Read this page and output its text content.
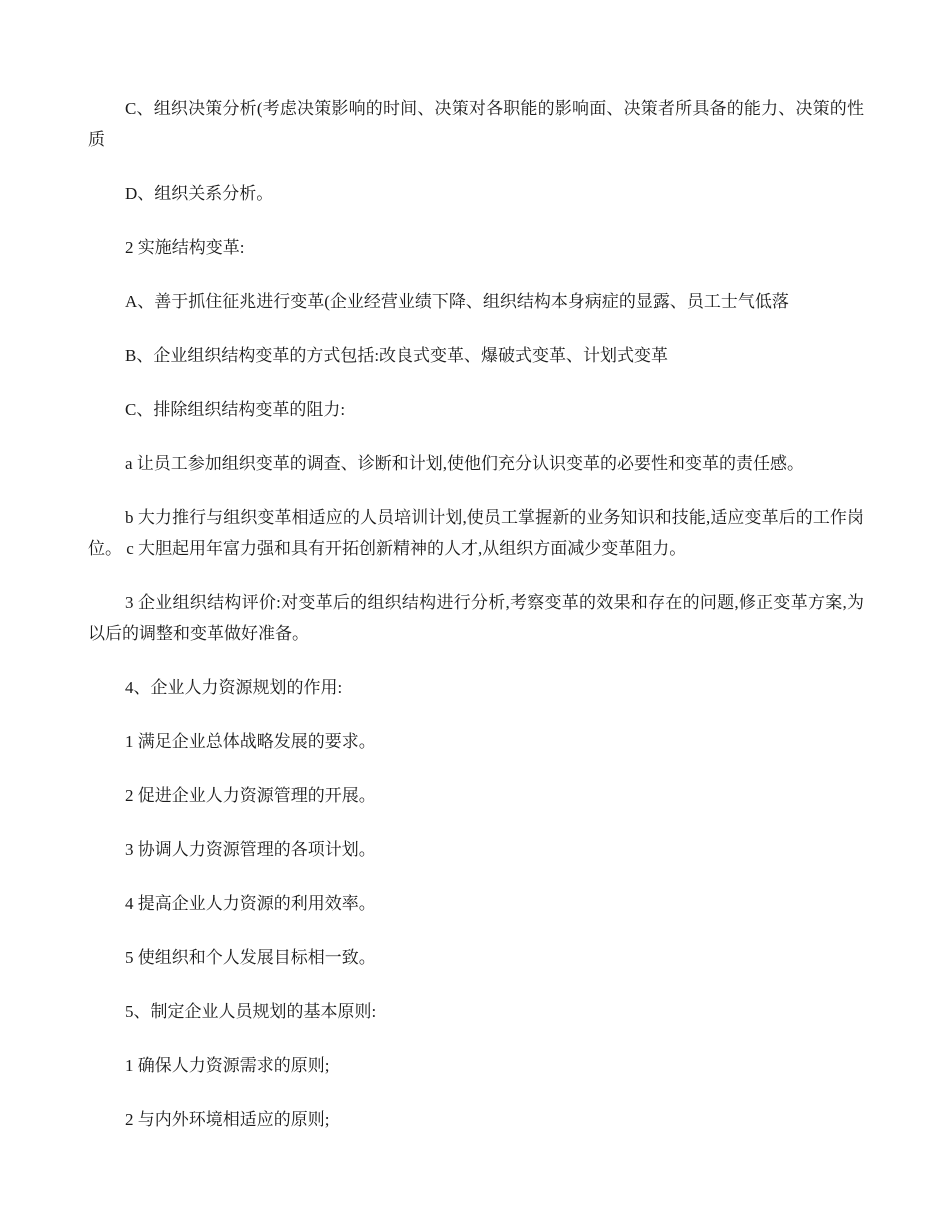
C、组织决策分析(考虑决策影响的时间、决策对各职能的影响面、决策者所具备的能力、决策的性质

D、组织关系分析。

2 实施结构变革:

A、善于抓住征兆进行变革(企业经营业绩下降、组织结构本身病症的显露、员工士气低落

B、企业组织结构变革的方式包括:改良式变革、爆破式变革、计划式变革

C、排除组织结构变革的阻力:

a 让员工参加组织变革的调查、诊断和计划,使他们充分认识变革的必要性和变革的责任感。

b 大力推行与组织变革相适应的人员培训计划,使员工掌握新的业务知识和技能,适应变革后的工作岗位。 c 大胆起用年富力强和具有开拓创新精神的人才,从组织方面减少变革阻力。

3 企业组织结构评价:对变革后的组织结构进行分析,考察变革的效果和存在的问题,修正变革方案,为以后的调整和变革做好准备。

4、企业人力资源规划的作用:

1 满足企业总体战略发展的要求。

2 促进企业人力资源管理的开展。

3 协调人力资源管理的各项计划。

4 提高企业人力资源的利用效率。

5 使组织和个人发展目标相一致。

5、制定企业人员规划的基本原则:

1 确保人力资源需求的原则;

2 与内外环境相适应的原则;
